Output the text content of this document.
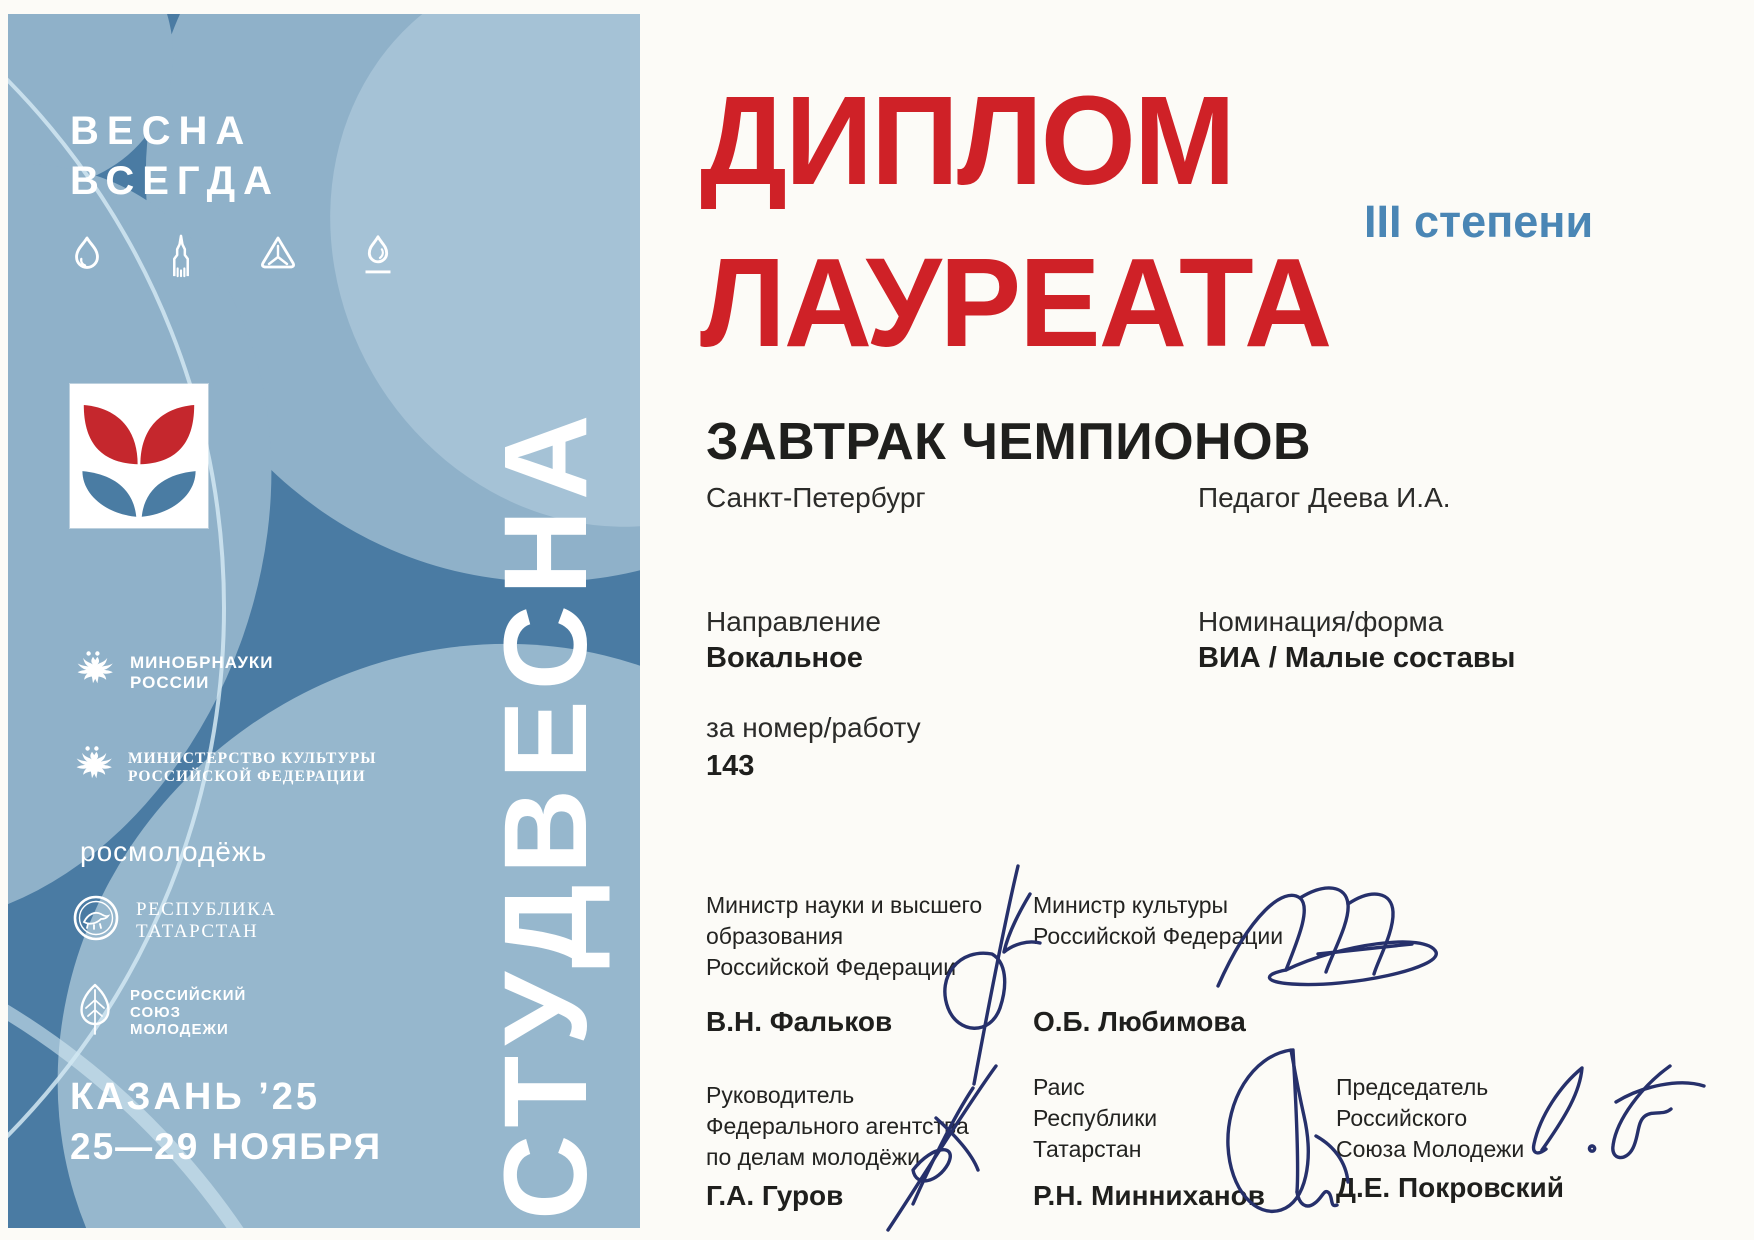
ВЕСНА
ВСЕГДА
СТУДВЕСНА
МИНОБРНАУКИ
РОССИИ
МИНИСТЕРСТВО КУЛЬТУРЫ
РОССИЙСКОЙ ФЕДЕРАЦИИ
росмолодёжь
РЕСПУБЛИКА
ТАТАРСТАН
РОССИЙСКИЙ
СОЮЗ
МОЛОДЕЖИ
КАЗАНЬ ’25
25—29 НОЯБРЯ
ДИПЛОМ
ЛАУРЕАТА
III степени
ЗАВТРАК ЧЕМПИОНОВ
Санкт-Петербург	Педагог Деева И.А.
Направление
Вокальное
Номинация/форма
ВИА / Малые составы
за номер/работу
143
Министр науки и высшего
образования
Российской Федерации
В.Н. Фальков
Министр культуры
Российской Федерации
О.Б. Любимова
Руководитель
Федерального агентства
по делам молодёжи
Г.А. Гуров
Раис
Республики
Татарстан
Р.Н. Минниханов
Председатель
Российского
Союза Молодежи
Д.Е. Покровский
